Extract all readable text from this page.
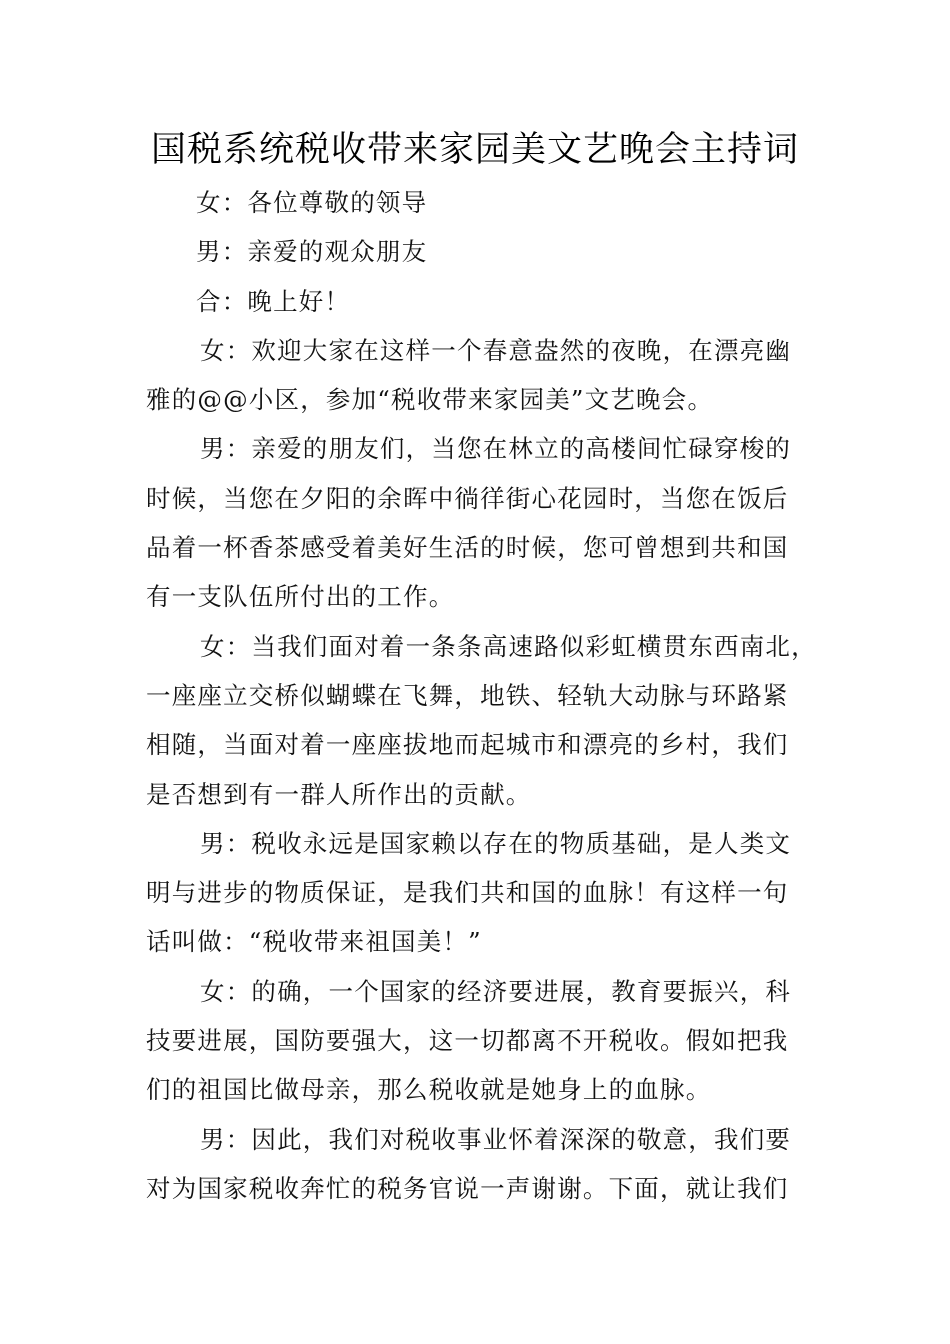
国税系统税收带来家园美文艺晚会主持词
女：各位尊敬的领导
男：亲爱的观众朋友
合：晚上好！
女：欢迎大家在这样一个春意盎然的夜晚，在漂亮幽
雅的@@小区，参加“税收带来家园美”文艺晚会。
男：亲爱的朋友们，当您在林立的高楼间忙碌穿梭的
时候，当您在夕阳的余晖中徜徉街心花园时，当您在饭后
品着一杯香茶感受着美好生活的时候，您可曾想到共和国
有一支队伍所付出的工作。
女：当我们面对着一条条高速路似彩虹横贯东西南北，
一座座立交桥似蝴蝶在飞舞，地铁、轻轨大动脉与环路紧
相随，当面对着一座座拔地而起城市和漂亮的乡村，我们
是否想到有一群人所作出的贡献。
男：税收永远是国家赖以存在的物质基础，是人类文
明与进步的物质保证，是我们共和国的血脉！有这样一句
话叫做：“税收带来祖国美！”
女：的确，一个国家的经济要进展，教育要振兴，科
技要进展，国防要强大，这一切都离不开税收。假如把我
们的祖国比做母亲，那么税收就是她身上的血脉。
男：因此，我们对税收事业怀着深深的敬意，我们要
对为国家税收奔忙的税务官说一声谢谢。下面，就让我们
